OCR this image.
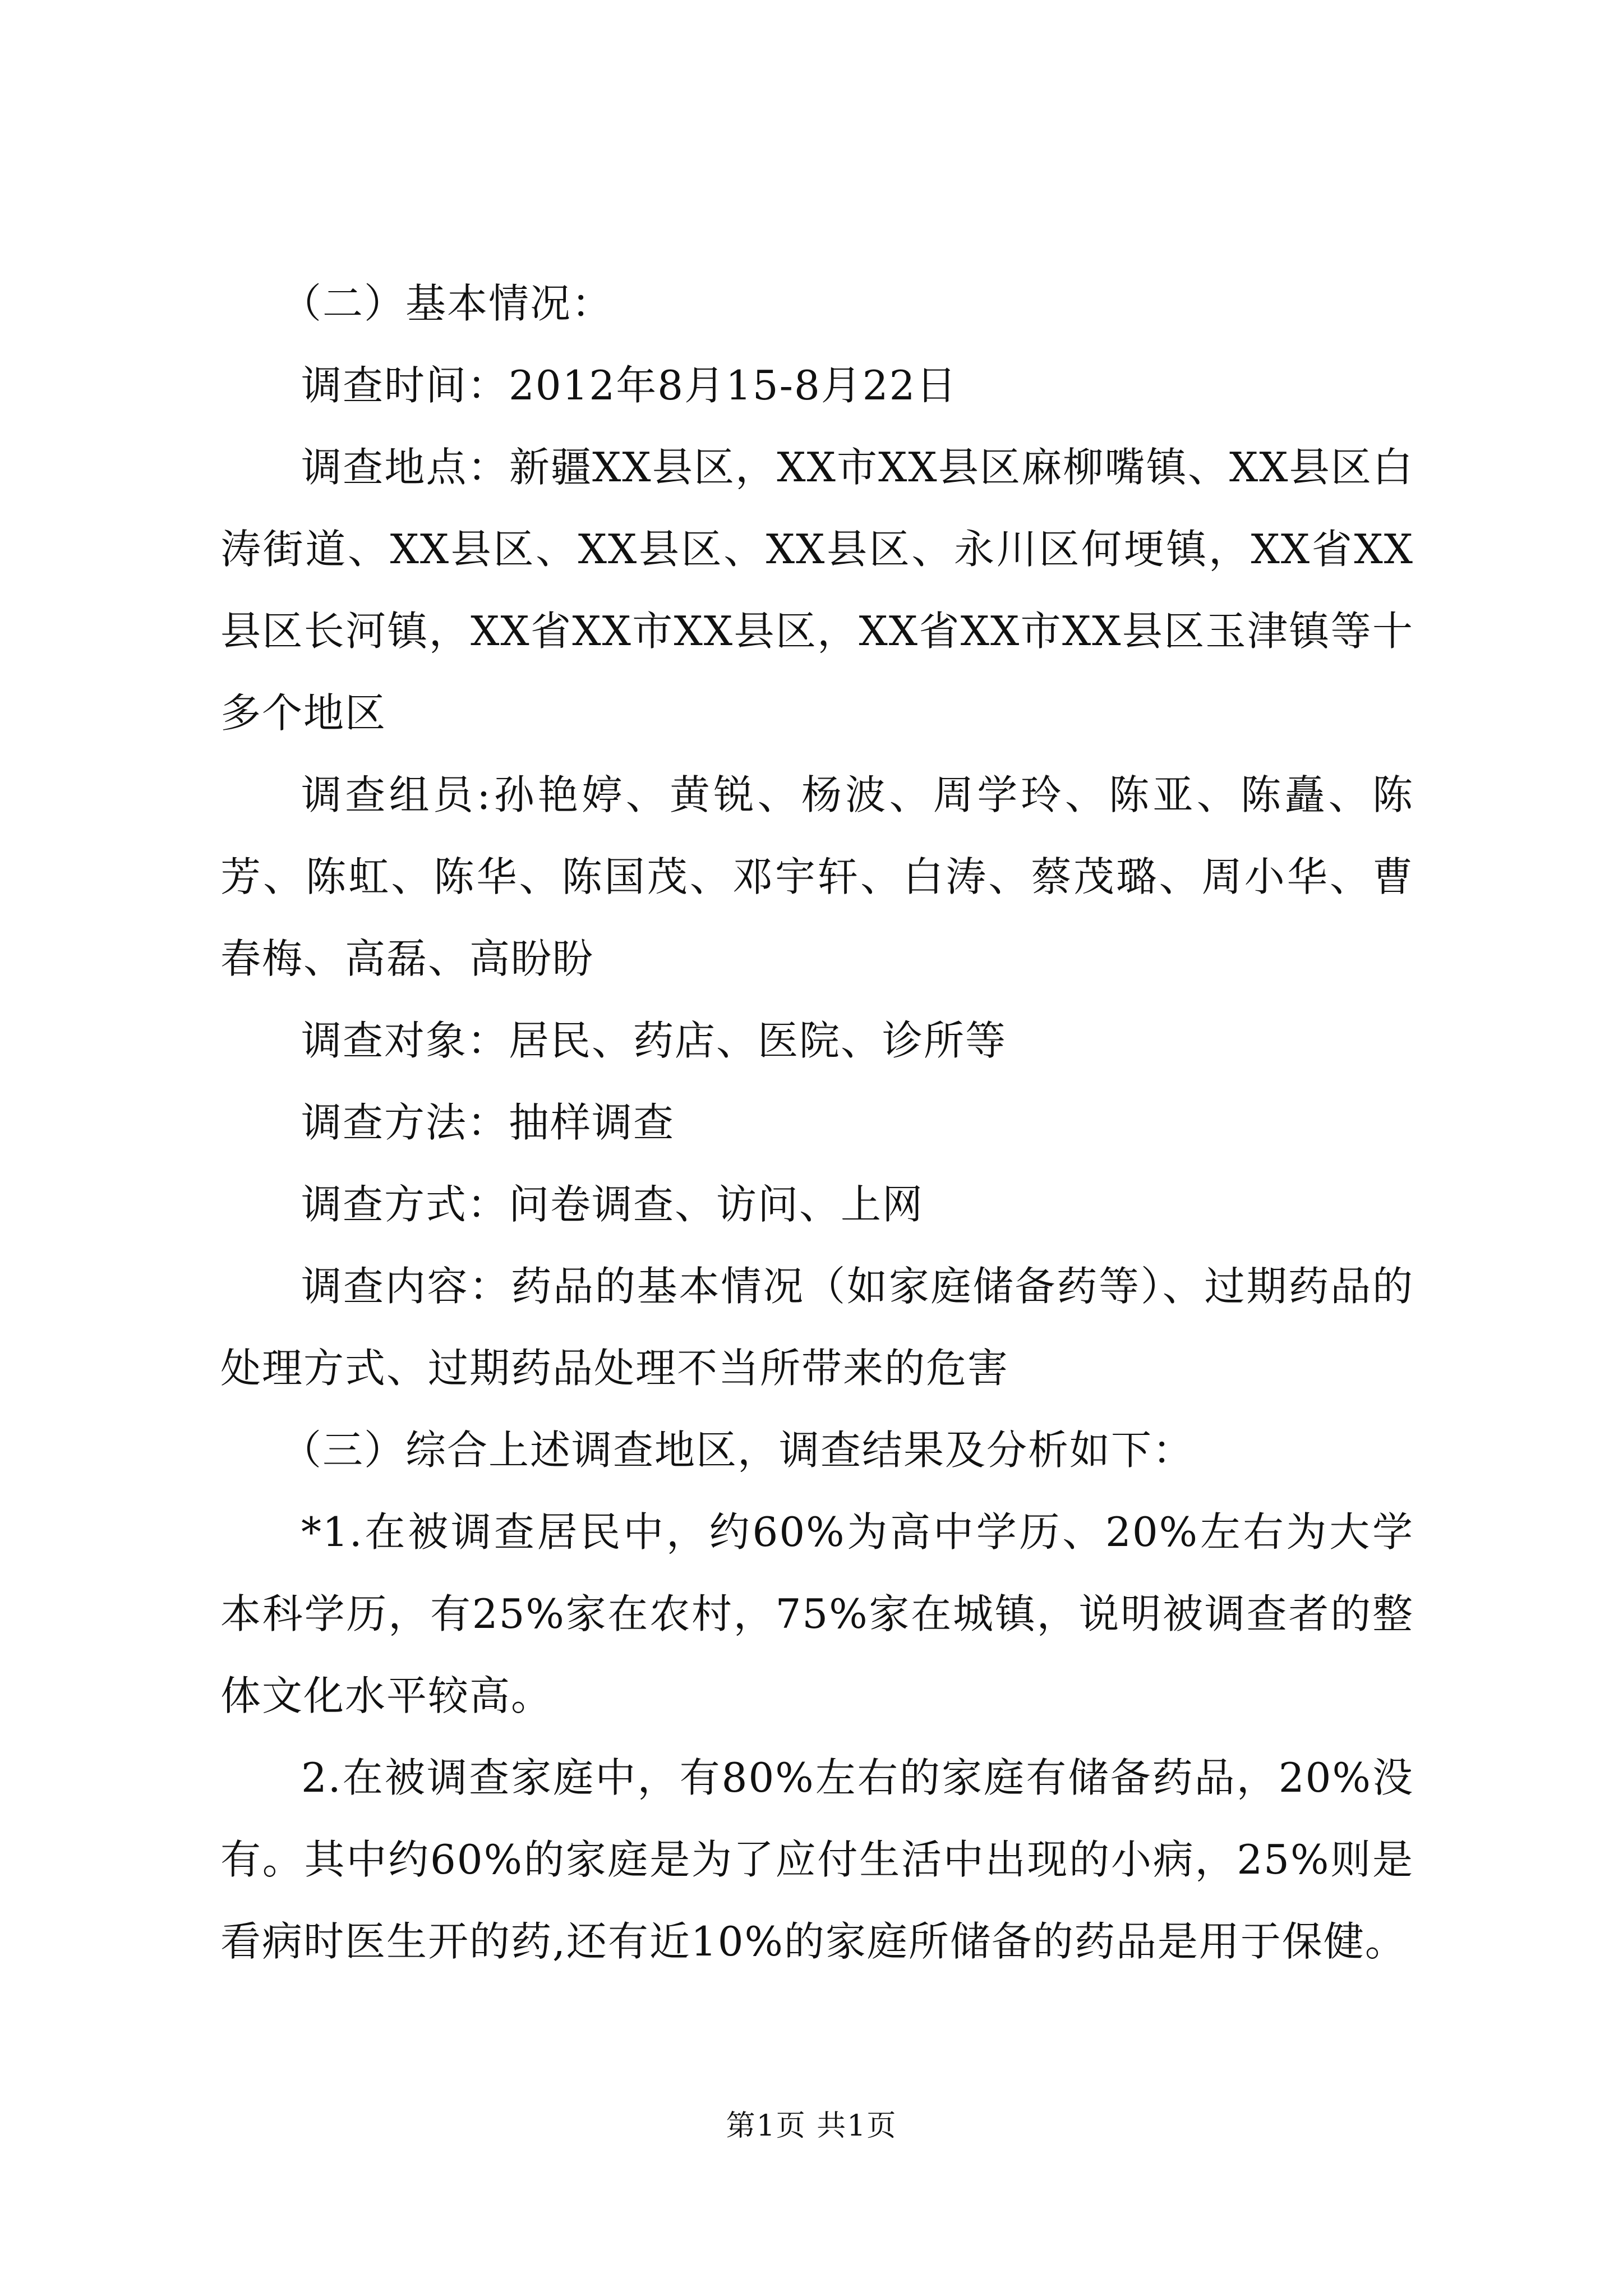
（二）基本情况：

调查时间：2012年8月15-8月22日

调查地点：新疆XX县区，XX市XX县区麻柳嘴镇、XX县区白涛街道、XX县区、XX县区、XX县区、永川区何埂镇，XX省XX县区长河镇，XX省XX市XX县区，XX省XX市XX县区玉津镇等十多个地区

调查组员:孙艳婷、黄锐、杨波、周学玲、陈亚、陈矗、陈芳、陈虹、陈华、陈国茂、邓宇轩、白涛、蔡茂璐、周小华、曹春梅、高磊、高盼盼

调查对象：居民、药店、医院、诊所等

调查方法：抽样调查

调查方式：问卷调查、访问、上网

调查内容：药品的基本情况（如家庭储备药等）、过期药品的处理方式、过期药品处理不当所带来的危害

（三）综合上述调查地区，调查结果及分析如下：

*1.在被调查居民中，约60%为高中学历、20%左右为大学本科学历，有25%家在农村，75%家在城镇，说明被调查者的整体文化水平较高。

2.在被调查家庭中，有80%左右的家庭有储备药品，20%没有。其中约60%的家庭是为了应付生活中出现的小病，25%则是看病时医生开的药,还有近10%的家庭所储备的药品是用于保健。

第1页 共1页
